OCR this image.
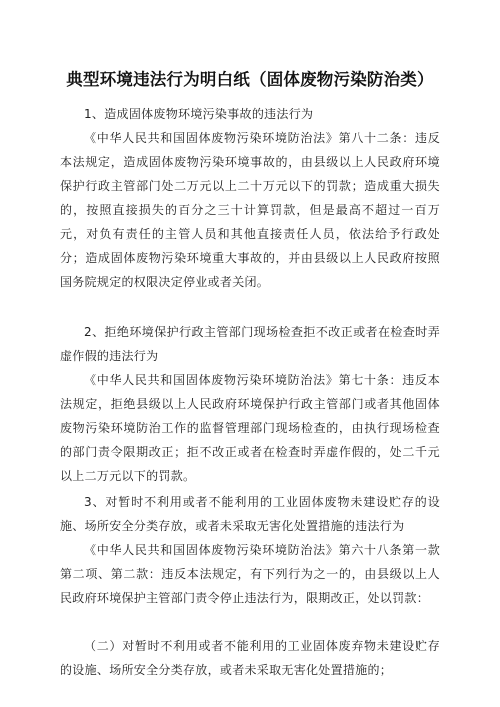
典型环境违法行为明白纸（固体废物污染防治类）
1、造成固体废物环境污染事故的违法行为
《中华人民共和国固体废物污染环境防治法》第八十二条：违反本法规定，造成固体废物污染环境事故的，由县级以上人民政府环境保护行政主管部门处二万元以上二十万元以下的罚款；造成重大损失的，按照直接损失的百分之三十计算罚款，但是最高不超过一百万元，对负有责任的主管人员和其他直接责任人员，依法给予行政处分；造成固体废物污染环境重大事故的，并由县级以上人民政府按照国务院规定的权限决定停业或者关闭。
2、拒绝环境保护行政主管部门现场检查拒不改正或者在检查时弄虚作假的违法行为
《中华人民共和国固体废物污染环境防治法》第七十条：违反本法规定，拒绝县级以上人民政府环境保护行政主管部门或者其他固体废物污染环境防治工作的监督管理部门现场检查的，由执行现场检查的部门责令限期改正；拒不改正或者在检查时弄虚作假的，处二千元以上二万元以下的罚款。
3、对暂时不利用或者不能利用的工业固体废物未建设贮存的设施、场所安全分类存放，或者未采取无害化处置措施的违法行为
《中华人民共和国固体废物污染环境防治法》第六十八条第一款第二项、第二款：违反本法规定，有下列行为之一的，由县级以上人民政府环境保护主管部门责令停止违法行为，限期改正，处以罚款：
（二）对暂时不利用或者不能利用的工业固体废弃物未建设贮存的设施、场所安全分类存放，或者未采取无害化处置措施的；
